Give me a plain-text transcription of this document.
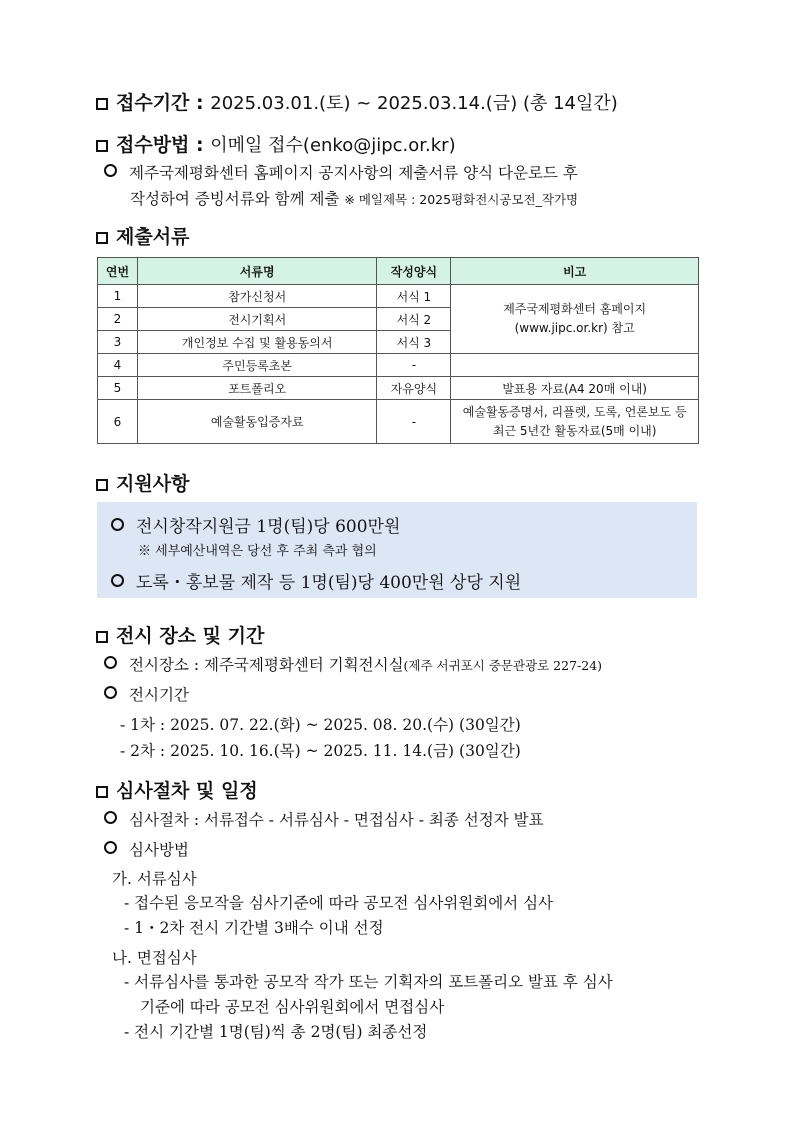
접수기간 : 2025.03.01.(토) ~ 2025.03.14.(금) (총 14일간)
접수방법 : 이메일 접수(enko@jipc.or.kr)
제주국제평화센터 홈페이지 공지사항의 제출서류 양식 다운로드 후
작성하여 증빙서류와 함께 제출 ※ 메일제목 : 2025평화전시공모전_작가명
제출서류
연번	서류명	작성양식	비고
1	참가신청서	서식 1	제주국제평화센터 홈페이지
(www.jipc.or.kr) 참고
2	전시기획서	서식 2	
3	개인정보 수집 및 활용동의서	서식 3	
4	주민등록초본	-	
5	포트폴리오	자유양식	발표용 자료(A4 20매 이내)
6	예술활동입증자료	-	예술활동증명서, 리플렛, 도록, 언론보도 등
최근 5년간 활동자료(5매 이내)
지원사항
전시창작지원금 1명(팀)당 600만원
※ 세부예산내역은 당선 후 주최 측과 협의
도록・홍보물 제작 등 1명(팀)당 400만원 상당 지원
전시 장소 및 기간
전시장소 : 제주국제평화센터 기획전시실(제주 서귀포시 중문관광로 227-24)
전시기간
- 1차 : 2025. 07. 22.(화) ~ 2025. 08. 20.(수) (30일간)
- 2차 : 2025. 10. 16.(목) ~ 2025. 11. 14.(금) (30일간)
심사절차 및 일정
심사절차 : 서류접수 - 서류심사 - 면접심사 - 최종 선정자 발표
심사방법
가. 서류심사
- 접수된 응모작을 심사기준에 따라 공모전 심사위원회에서 심사
- 1・2차 전시 기간별 3배수 이내 선정
나. 면접심사
- 서류심사를 통과한 공모작 작가 또는 기획자의 포트폴리오 발표 후 심사
기준에 따라 공모전 심사위원회에서 면접심사
- 전시 기간별 1명(팀)씩 총 2명(팀) 최종선정
